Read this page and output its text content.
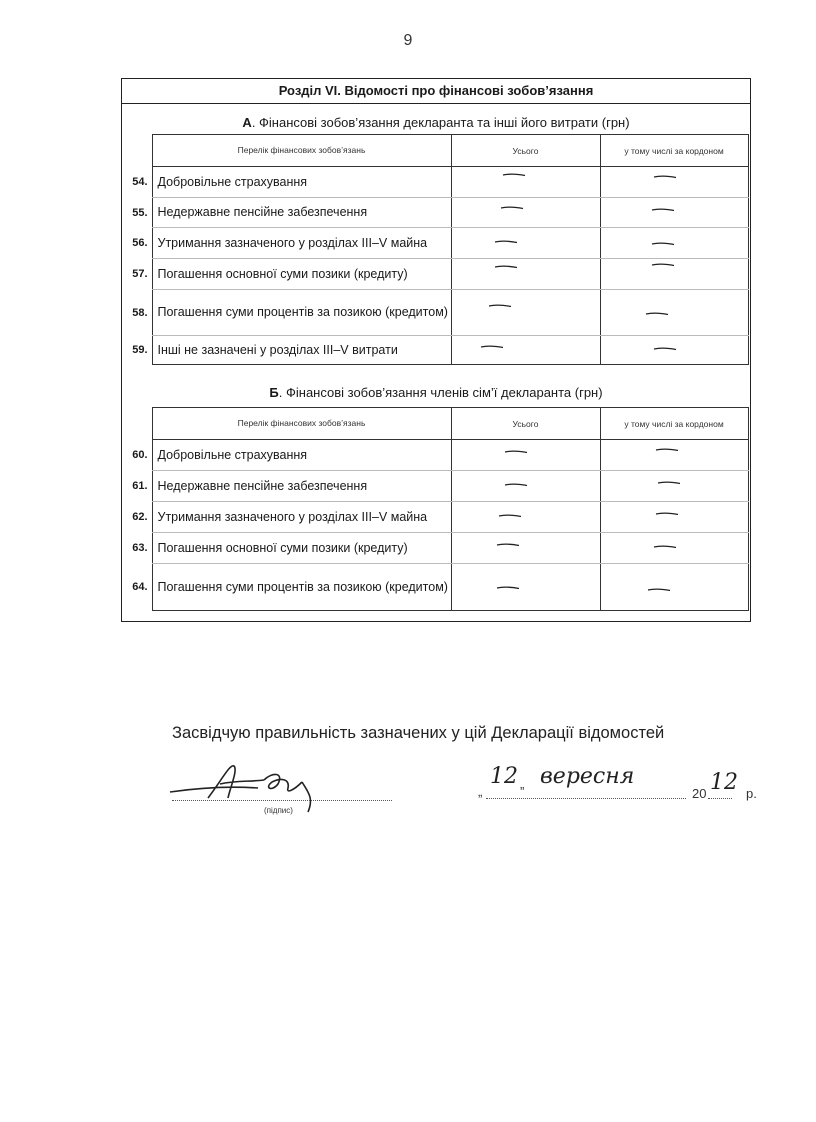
9
Розділ VI. Відомості про фінансові зобов’язання
А. Фінансові зобов’язання декларанта та інші його витрати (грн)
	Перелік фінансових зобов’язань	Усього	у тому числі за кордоном
54.	Добровільне страхування	

55.	Недержавне пенсійне забезпечення	

56.	Утримання зазначеного у розділах III–V майна	

57.	Погашення основної суми позики (кредиту)	

58.	Погашення суми процентів за позикою (кредитом)	

59.	Інші не зазначені у розділах III–V витрати	

Б. Фінансові зобов’язання членів сім’ї декларанта (грн)
	Перелік фінансових зобов’язань	Усього	у тому числі за кордоном
60.	Добровільне страхування	

61.	Недержавне пенсійне забезпечення	

62.	Утримання зазначеного у розділах III–V майна	

63.	Погашення основної суми позики (кредиту)	

64.	Погашення суми процентів за позикою (кредитом)	

Засвідчую правильність зазначених у цій Декларації відомостей
(підпис)
„
12
”
вересня
20 12 р.
